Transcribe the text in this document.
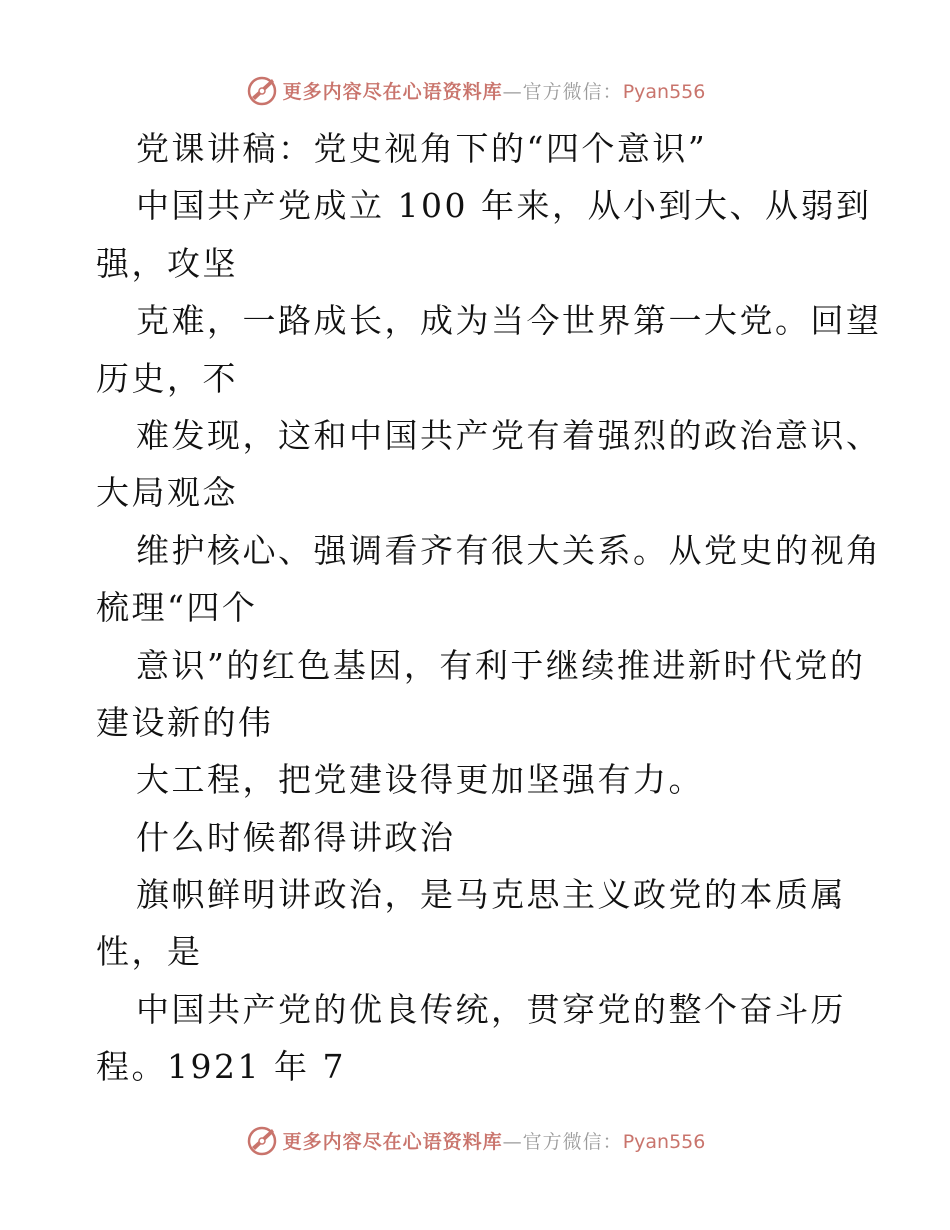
更多内容尽在心语资料库—官方微信：Pyan556
党课讲稿：党史视角下的“四个意识”
中国共产党成立 100 年来，从小到大、从弱到
强，攻坚
克难，一路成长，成为当今世界第一大党。回望
历史，不
难发现，这和中国共产党有着强烈的政治意识、
大局观念
维护核心、强调看齐有很大关系。从党史的视角
梳理“四个
意识”的红色基因，有利于继续推进新时代党的
建设新的伟
大工程，把党建设得更加坚强有力。
什么时候都得讲政治
旗帜鲜明讲政治，是马克思主义政党的本质属
性，是
中国共产党的优良传统，贯穿党的整个奋斗历
程。1921 年 7
更多内容尽在心语资料库—官方微信：Pyan556
